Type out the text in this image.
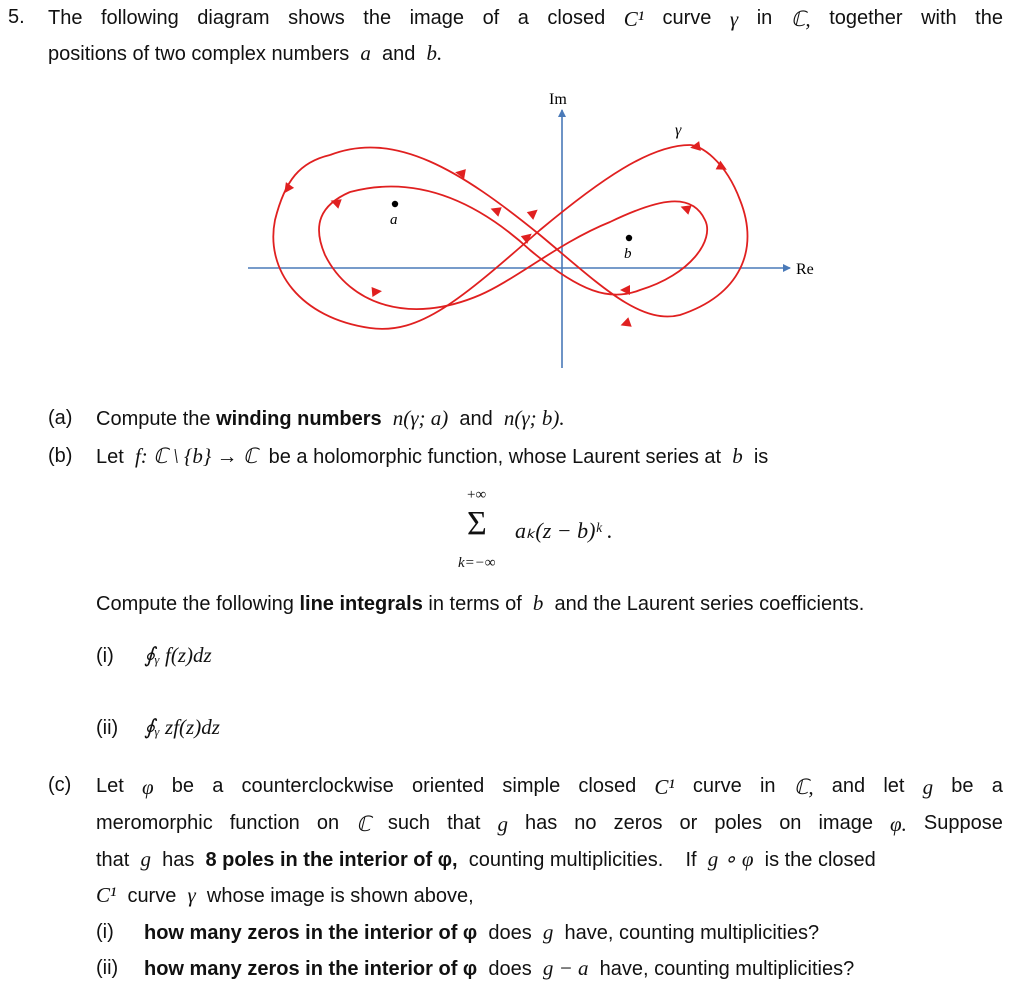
5. The following diagram shows the image of a closed C¹ curve γ in ℂ, together with the
positions of two complex numbers a and b.
Im
Re
a
b
γ
(a) Compute the winding numbers n(γ; a) and n(γ; b).
(b) Let f: ℂ \ {b} → ℂ be a holomorphic function, whose Laurent series at b is
+∞
Σ aₖ(z − b)ᵏ .
k=−∞
Compute the following line integrals in terms of b and the Laurent series coefficients.
(i) ∮ᵧ f(z)dz
(ii) ∮ᵧ zf(z)dz
(c) Let φ be a counterclockwise oriented simple closed C¹ curve in ℂ, and let g be a
meromorphic function on ℂ such that g has no zeros or poles on image φ. Suppose
that g has 8 poles in the interior of φ, counting multiplicities. If g ∘ φ is the closed
C¹ curve γ whose image is shown above,
(i) how many zeros in the interior of φ does g have, counting multiplicities?
(ii) how many zeros in the interior of φ does g − a have, counting multiplicities?
